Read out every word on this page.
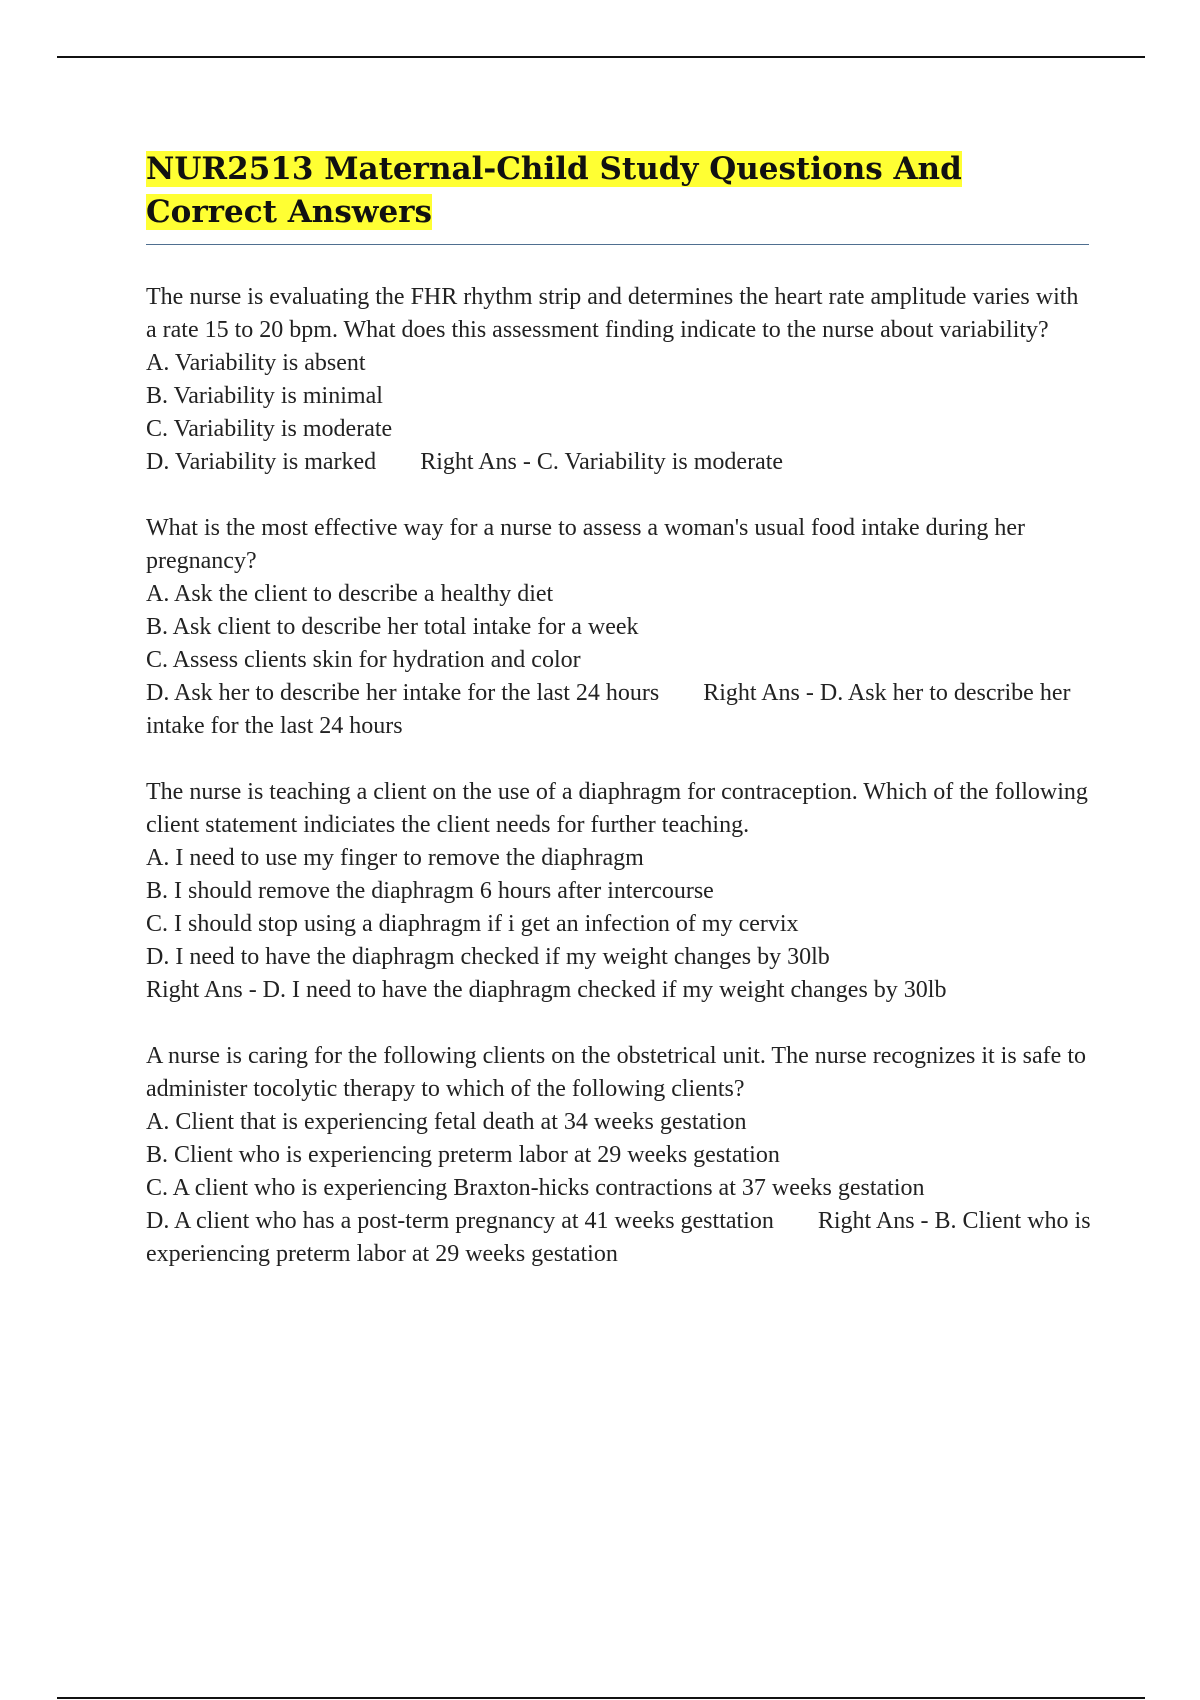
NUR2513 Maternal-Child Study Questions And Correct Answers

The nurse is evaluating the FHR rhythm strip and determines the heart rate amplitude varies with a rate 15 to 20 bpm. What does this assessment finding indicate to the nurse about variability?

A. Variability is absent

B. Variability is minimal

C. Variability is moderate

D. Variability is marked Right Ans - C. Variability is moderate

What is the most effective way for a nurse to assess a woman's usual food intake during her pregnancy?

A. Ask the client to describe a healthy diet

B. Ask client to describe her total intake for a week

C. Assess clients skin for hydration and color

D. Ask her to describe her intake for the last 24 hours Right Ans - D. Ask her to describe her intake for the last 24 hours

The nurse is teaching a client on the use of a diaphragm for contraception. Which of the following client statement indiciates the client needs for further teaching.

A. I need to use my finger to remove the diaphragm

B. I should remove the diaphragm 6 hours after intercourse

C. I should stop using a diaphragm if i get an infection of my cervix

D. I need to have the diaphragm checked if my weight changes by 30lb

Right Ans - D. I need to have the diaphragm checked if my weight changes by 30lb

A nurse is caring for the following clients on the obstetrical unit. The nurse recognizes it is safe to administer tocolytic therapy to which of the following clients?

A. Client that is experiencing fetal death at 34 weeks gestation

B. Client who is experiencing preterm labor at 29 weeks gestation

C. A client who is experiencing Braxton-hicks contractions at 37 weeks gestation

D. A client who has a post-term pregnancy at 41 weeks gesttation Right Ans - B. Client who is experiencing preterm labor at 29 weeks gestation
